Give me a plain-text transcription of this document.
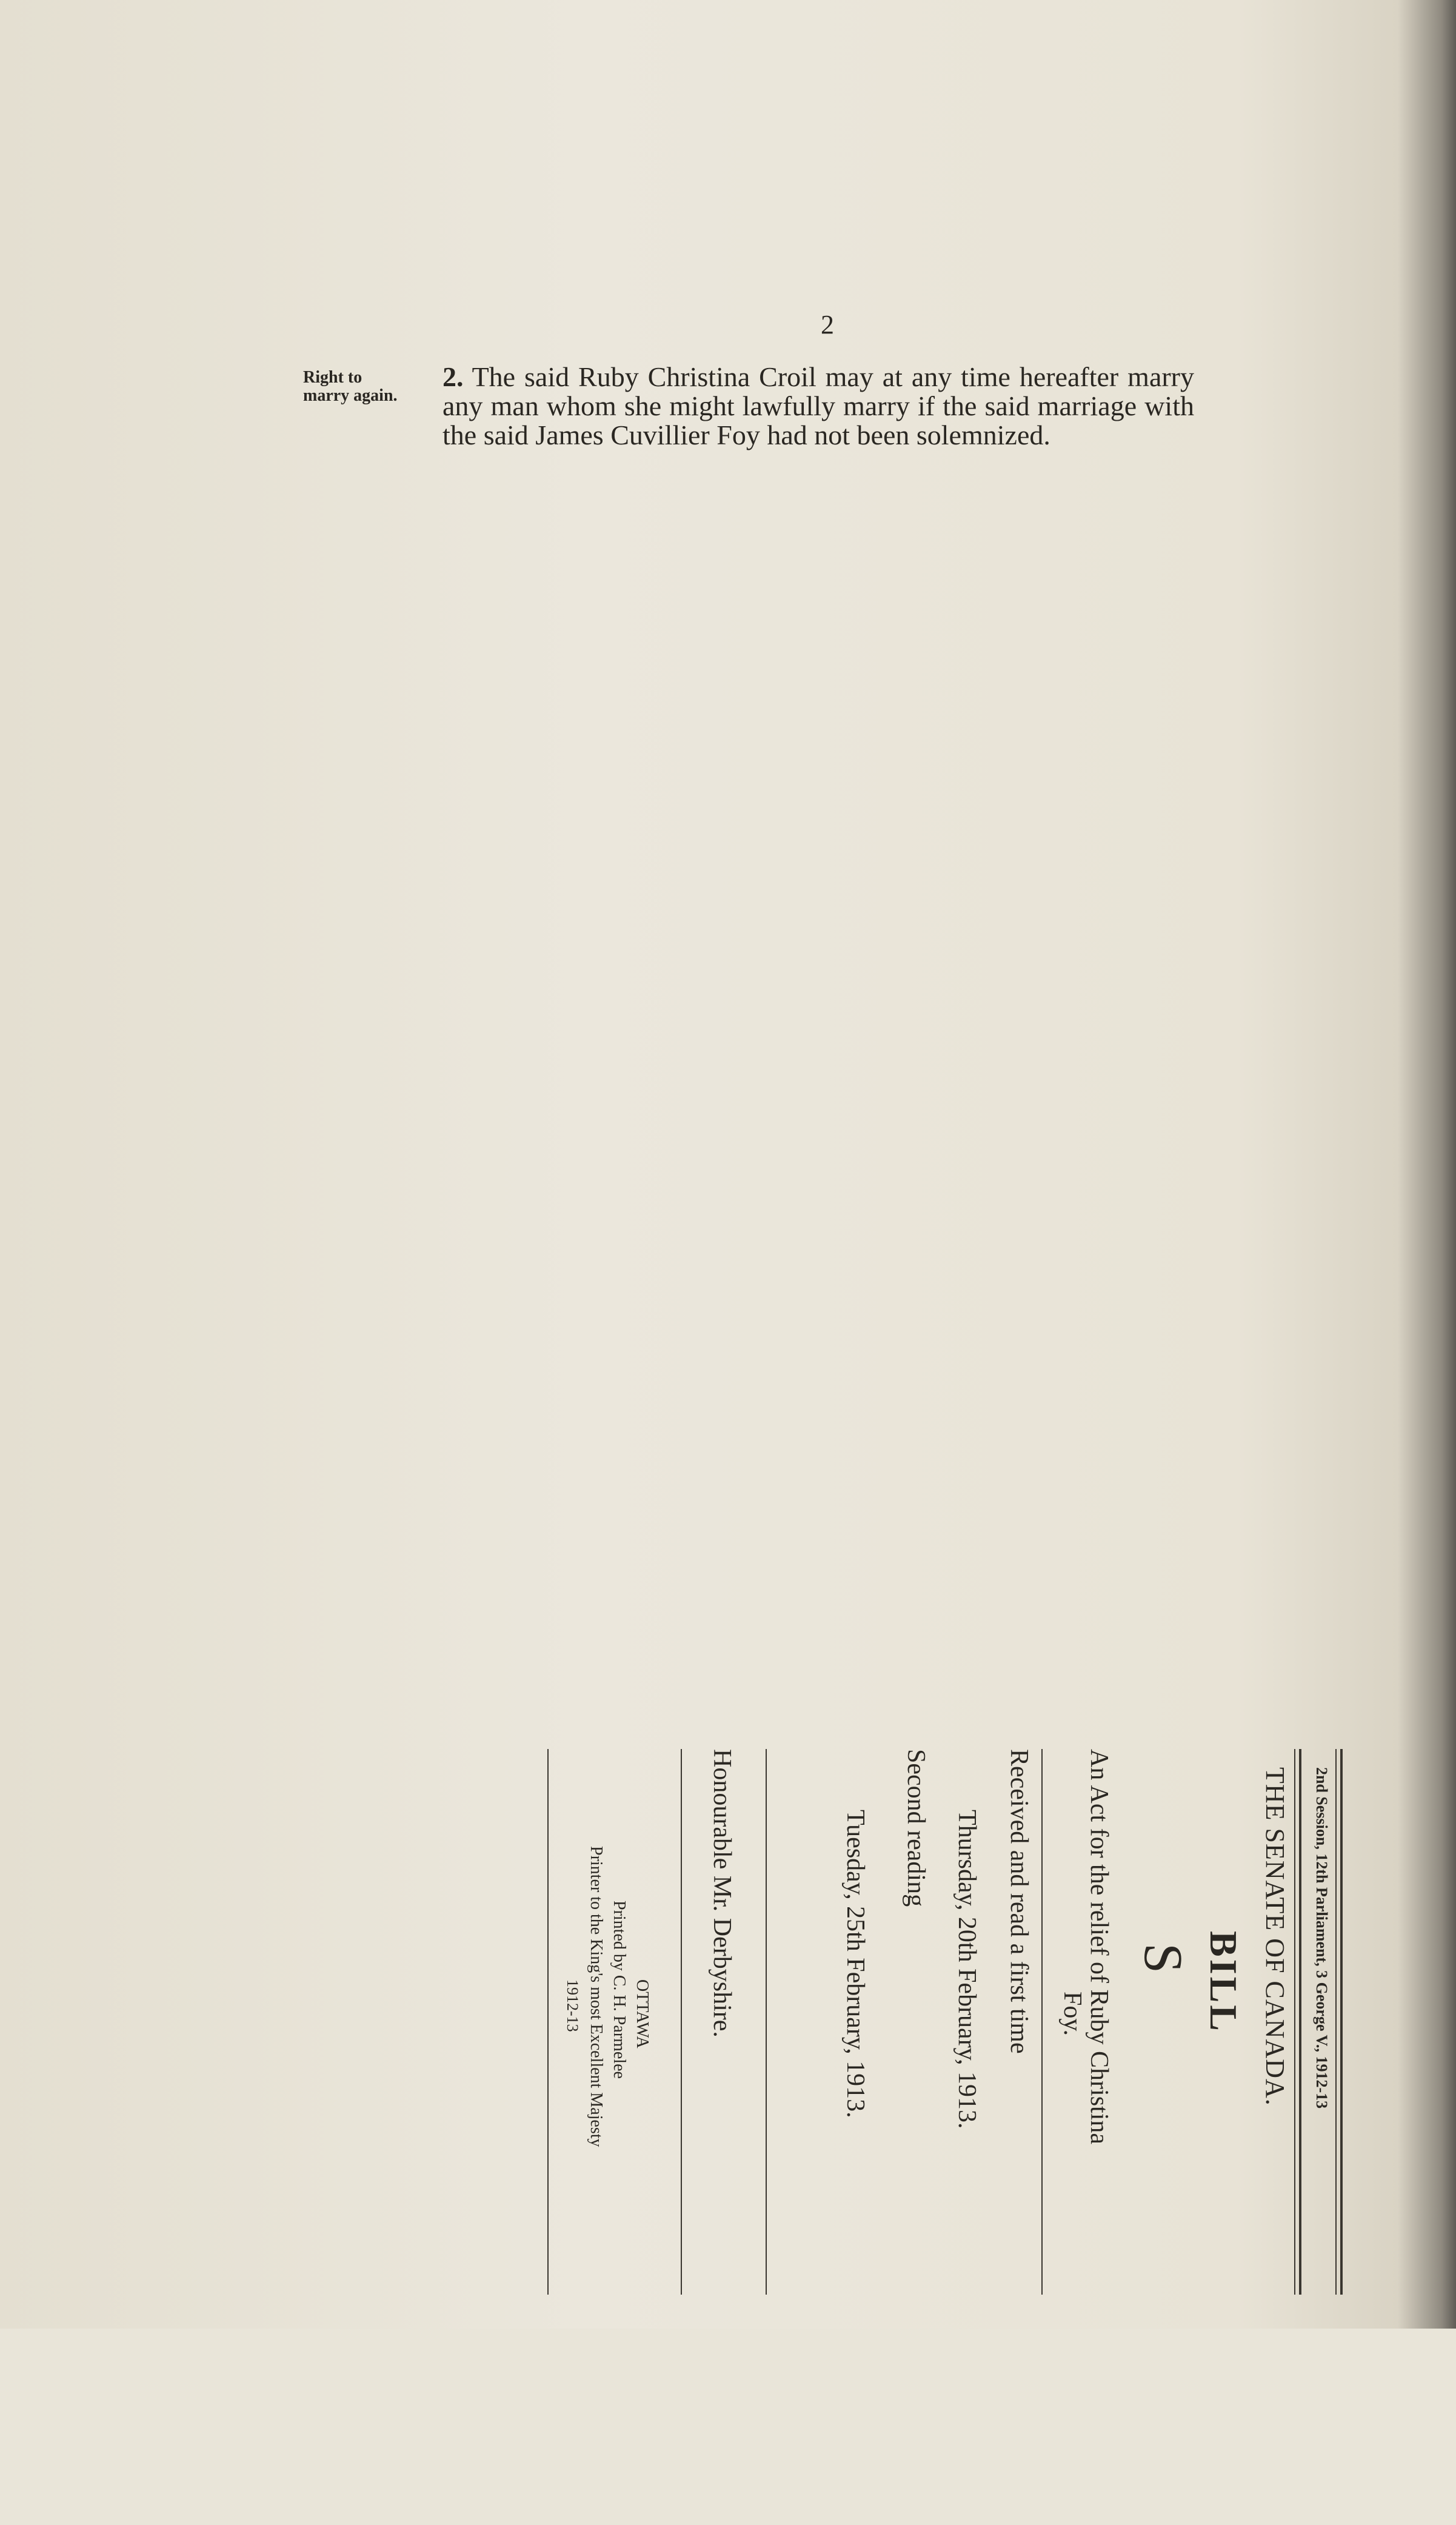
2
Right to
marry again.
2. The said Ruby Christina Croil may at any time hereafter marry any man whom she might lawfully marry if the said marriage with the said James Cuvillier Foy had not been solemnized.
2nd Session, 12th Parliament, 3 George V., 1912-13
THE SENATE OF CANADA.
BILL
S
An Act for the relief of Ruby Christina
Foy.
Received and read a first time
Thursday, 20th February, 1913.
Second reading
Tuesday, 25th February, 1913.
Honourable Mr. Derbyshire.
OTTAWA
Printed by C. H. Parmelee
Printer to the King's most Excellent Majesty
1912-13
